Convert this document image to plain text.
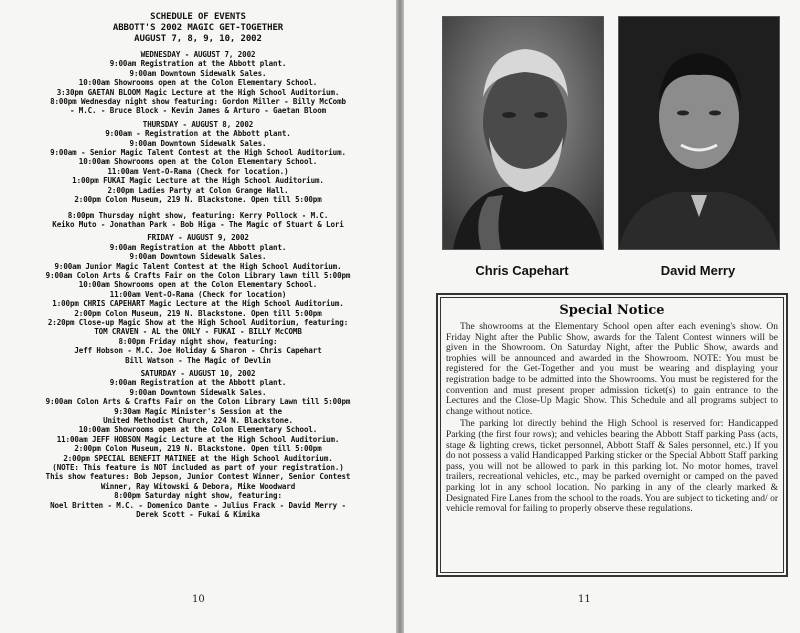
SCHEDULE OF EVENTS
ABBOTT'S 2002 MAGIC GET-TOGETHER
AUGUST 7, 8, 9, 10, 2002
WEDNESDAY - AUGUST 7, 2002
9:00am Registration at the Abbott plant.
9:00am Downtown Sidewalk Sales.
10:00am Showrooms open at the Colon Elementary School.
3:30pm GAETAN BLOOM Magic Lecture at the High School Auditorium.
8:00pm Wednesday night show featuring: Gordon Miller - Billy McComb
- M.C. - Bruce Block - Kevin James & Arturo - Gaetan Bloom
THURSDAY - AUGUST 8, 2002
9:00am - Registration at the Abbott plant.
9:00am Downtown Sidewalk Sales.
9:00am - Senior Magic Talent Contest at the High School Auditorium.
10:00am Showrooms open at the Colon Elementary School.
11:00am Vent-O-Rama (Check for location.)
1:00pm FUKAI Magic Lecture at the High School Auditorium.
2:00pm Ladies Party at Colon Grange Hall.
2:00pm Colon Museum, 219 N. Blackstone. Open till 5:00pm
8:00pm Thursday night show, featuring: Kerry Pollock - M.C.
Keiko Muto - Jonathan Park - Bob Higa - The Magic of Stuart & Lori
FRIDAY - AUGUST 9, 2002
9:00am Registration at the Abbott plant.
9:00am Downtown Sidewalk Sales.
9:00am Junior Magic Talent Contest at the High School Auditorium.
9:00am Colon Arts & Crafts Fair on the Colon Library lawn till 5:00pm
10:00am Showrooms open at the Colon Elementary School.
11:00am Vent-O-Rama (Check for location)
1:00pm CHRIS CAPEHART Magic Lecture at the High School Auditorium.
2:00pm Colon Museum, 219 N. Blackstone. Open till 5:00pm
2:20pm Close-up Magic Show at the High School Auditorium, featuring:
TOM CRAVEN - AL the ONLY - FUKAI - BILLY McCOMB
8:00pm Friday night show, featuring:
Jeff Hobson - M.C. Joe Holiday & Sharon - Chris Capehart
Bill Watson - The Magic of Devlin
SATURDAY - AUGUST 10, 2002
9:00am Registration at the Abbott plant.
9:00am Downtown Sidewalk Sales.
9:00am Colon Arts & Crafts Fair on the Colon Library Lawn till 5:00pm
9:30am Magic Minister's Session at the
United Methodist Church, 224 N. Blackstone.
10:00am Showrooms open at the Colon Elementary School.
11:00am JEFF HOBSON Magic Lecture at the High School Auditorium.
2:00pm Colon Museum, 219 N. Blackstone. Open till 5:00pm
2:00pm SPECIAL BENEFIT MATINEE at the High School Auditorium.
(NOTE: This feature is NOT included as part of your registration.)
This show features: Bob Jepson, Junior Contest Winner, Senior Contest
Winner, Ray Witowski & Debora, Mike Woodward
8:00pm Saturday night show, featuring:
Noel Britten - M.C. - Domenico Dante - Julius Frack - David Merry -
Derek Scott - Fukai & Kimika
10
Chris Capehart	David Merry
Special Notice

The showrooms at the Elementary School open after each evening's show. On Friday Night after the Public Show, awards for the Talent Contest winners will be given in the Showroom. On Saturday Night, after the Public Show, awards and trophies will be announced and awarded in the Showroom. NOTE: You must be registered for the Get-Together and you must be wearing and displaying your registration badge to be admitted into the Showrooms. You must be registered for the convention and must present proper admission ticket(s) to gain entrance to the Lectures and the Close-Up Magic Show. This Schedule and all programs subject to change without notice.

The parking lot directly behind the High School is reserved for: Handicapped Parking (the first four rows); and vehicles bearing the Abbott Staff parking Pass (acts, stage & lighting crews, ticket personnel, Abbott Staff & Sales personnel, etc.) If you do not possess a valid Handicapped Parking sticker or the Special Abbott Staff parking pass, you will not be allowed to park in this parking lot. No motor homes, travel trailers, recreational vehicles, etc., may be parked overnight or camped on the paved parking lot in any school location. No parking in any of the clearly marked & Designated Fire Lanes from the school to the roads. You are subject to ticketing and/ or vehicle removal for failing to properly observe these regulations.

11
